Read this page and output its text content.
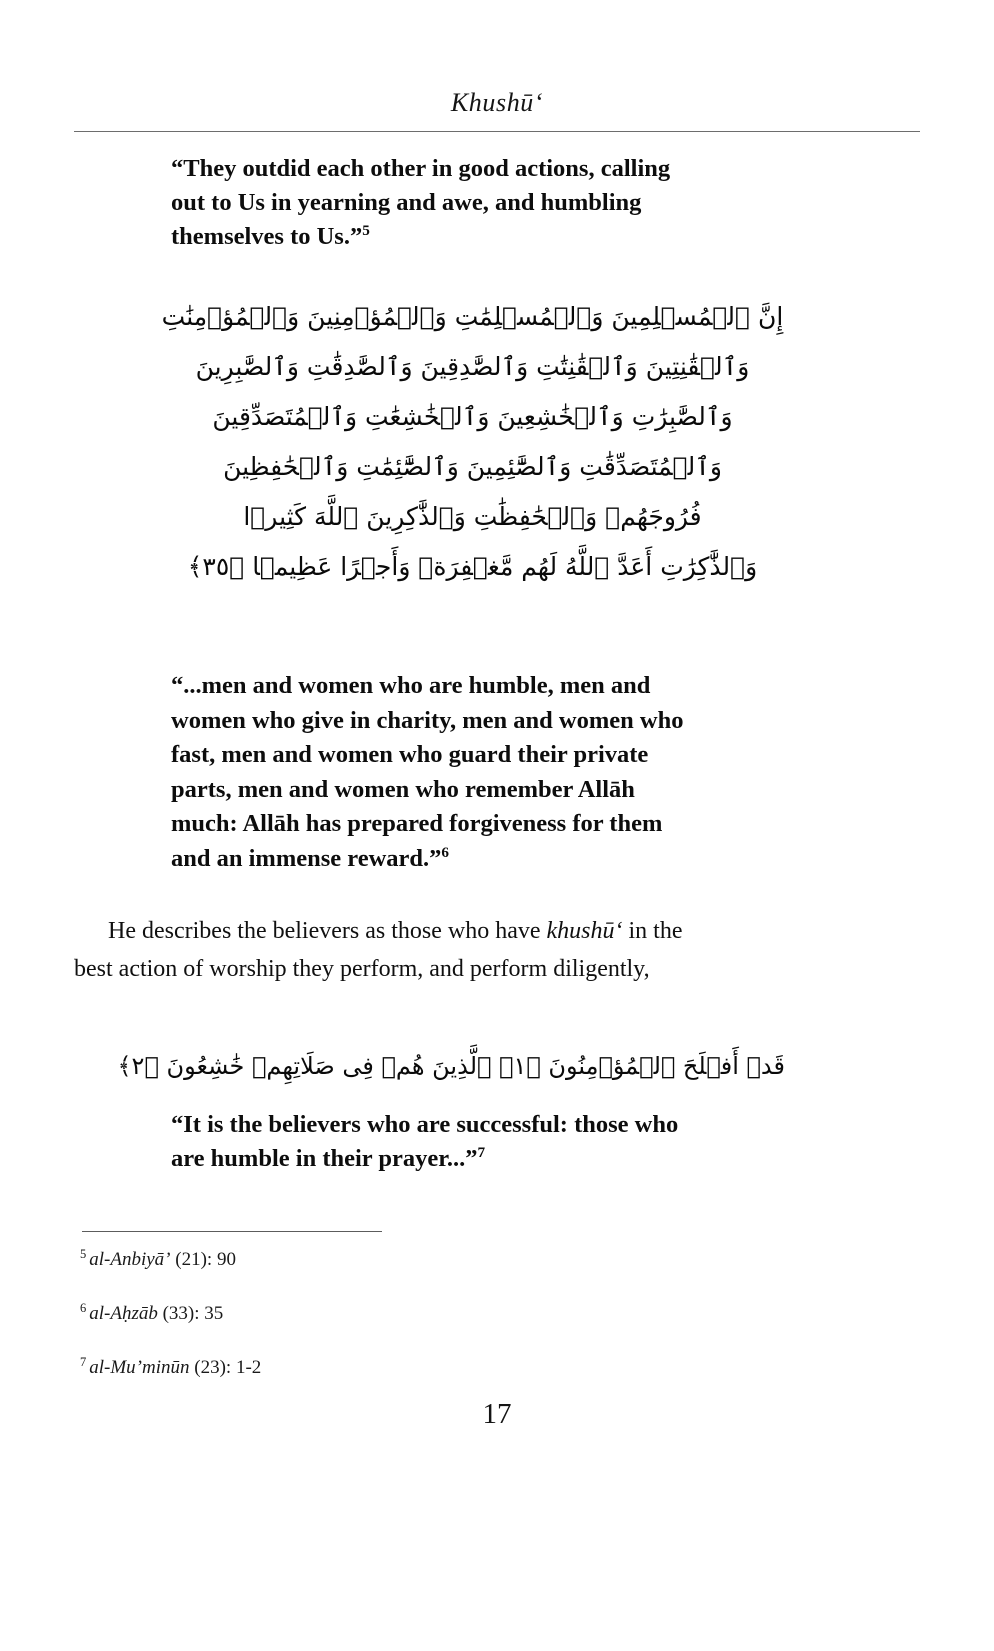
Khushū‘
“They outdid each other in good actions, calling
out to Us in yearning and awe, and humbling
themselves to Us.”$^5$
إِنَّ ٱلۡمُسۡلِمِينَ وَٱلۡمُسۡلِمَٰتِ وَٱلۡمُؤۡمِنِينَ وَٱلۡمُؤۡمِنَٰتِ
وَٱلۡقَٰنِتِينَ وَٱلۡقَٰنِتَٰتِ وَٱلصَّٰدِقِينَ وَٱلصَّٰدِقَٰتِ وَٱلصَّٰبِرِينَ
وَٱلصَّٰبِرَٰتِ وَٱلۡخَٰشِعِينَ وَٱلۡخَٰشِعَٰتِ وَٱلۡمُتَصَدِّقِينَ
وَٱلۡمُتَصَدِّقَٰتِ وَٱلصَّٰٓئِمِينَ وَٱلصَّٰٓئِمَٰتِ وَٱلۡحَٰفِظِينَ
فُرُوجَهُمۡ وَٱلۡحَٰفِظَٰتِ وَٱلذَّٰكِرِينَ ٱللَّهَ كَثِيرࣰا
وَٱلذَّٰكِرَٰتِ أَعَدَّ ٱللَّهُ لَهُم مَّغۡفِرَةࣰ وَأَجۡرًا عَظِيمࣰا ﴿٣٥﴾
“...men and women who are humble, men and
women who give in charity, men and women who
fast, men and women who guard their private
parts, men and women who remember Allāh
much: Allāh has prepared forgiveness for them
and an immense reward.”$^6$
He describes the believers as those who have khushū‘ in the
best action of worship they perform, and perform diligently,
قَدۡ أَفۡلَحَ ٱلۡمُؤۡمِنُونَ ﴿١﴾ ٱلَّذِينَ هُمۡ فِى صَلَاتِهِمۡ خَٰشِعُونَ ﴿٢﴾
“It is the believers who are successful: those who
are humble in their prayer...”$^7$
$^5$ al-Anbiyā’ (21): 90
$^6$ al-Aḥzāb (33): 35
$^7$ al-Mu’minūn (23): 1-2
17
